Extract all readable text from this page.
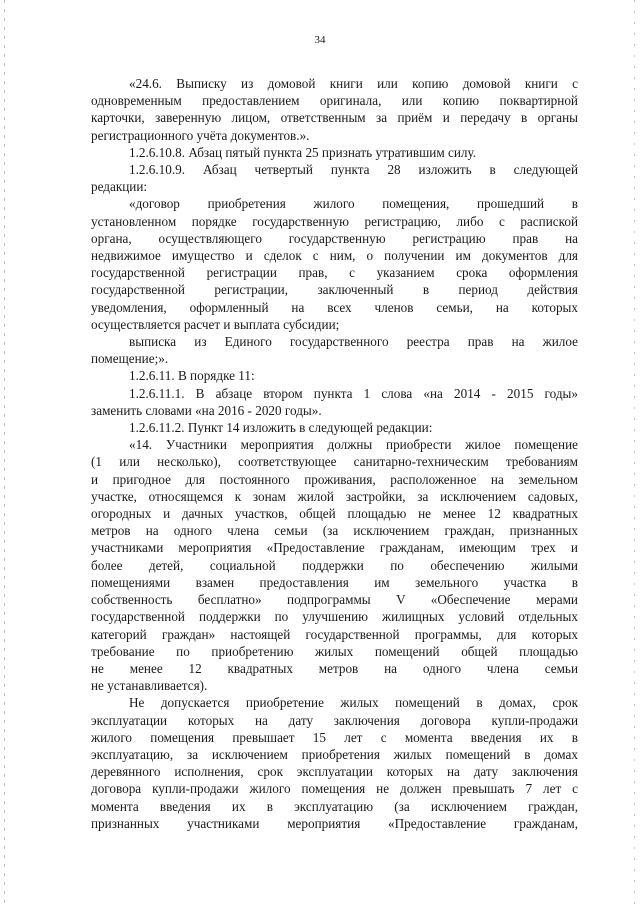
34
«24.6. Выписку из домовой книги или копию домовой книги с
одновременным предоставлением оригинала, или копию поквартирной
карточки, заверенную лицом, ответственным за приём и передачу в органы
регистрационного учёта документов.».
1.2.6.10.8. Абзац пятый пункта 25 признать утратившим силу.
1.2.6.10.9. Абзац четвертый пункта 28 изложить в следующей
редакции:
«договор приобретения жилого помещения, прошедший в
установленном порядке государственную регистрацию, либо с распиской
органа, осуществляющего государственную регистрацию прав на
недвижимое имущество и сделок с ним, о получении им документов для
государственной регистрации прав, с указанием срока оформления
государственной регистрации, заключенный в период действия
уведомления, оформленный на всех членов семьи, на которых
осуществляется расчет и выплата субсидии;
выписка из Единого государственного реестра прав на жилое
помещение;».
1.2.6.11. В порядке 11:
1.2.6.11.1. В абзаце втором пункта 1 слова «на 2014 - 2015 годы»
заменить словами «на 2016 - 2020 годы».
1.2.6.11.2. Пункт 14 изложить в следующей редакции:
«14. Участники мероприятия должны приобрести жилое помещение
(1 или несколько), соответствующее санитарно-техническим требованиям
и пригодное для постоянного проживания, расположенное на земельном
участке, относящемся к зонам жилой застройки, за исключением садовых,
огородных и дачных участков, общей площадью не менее 12 квадратных
метров на одного члена семьи (за исключением граждан, признанных
участниками мероприятия «Предоставление гражданам, имеющим трех и
более детей, социальной поддержки по обеспечению жилыми
помещениями взамен предоставления им земельного участка в
собственность бесплатно» подпрограммы V «Обеспечение мерами
государственной поддержки по улучшению жилищных условий отдельных
категорий граждан» настоящей государственной программы, для которых
требование по приобретению жилых помещений общей площадью
не менее 12 квадратных метров на одного члена семьи
не устанавливается).
Не допускается приобретение жилых помещений в домах, срок
эксплуатации которых на дату заключения договора купли-продажи
жилого помещения превышает 15 лет с момента введения их в
эксплуатацию, за исключением приобретения жилых помещений в домах
деревянного исполнения, срок эксплуатации которых на дату заключения
договора купли-продажи жилого помещения не должен превышать 7 лет с
момента введения их в эксплуатацию (за исключением граждан,
признанных участниками мероприятия «Предоставление гражданам,
